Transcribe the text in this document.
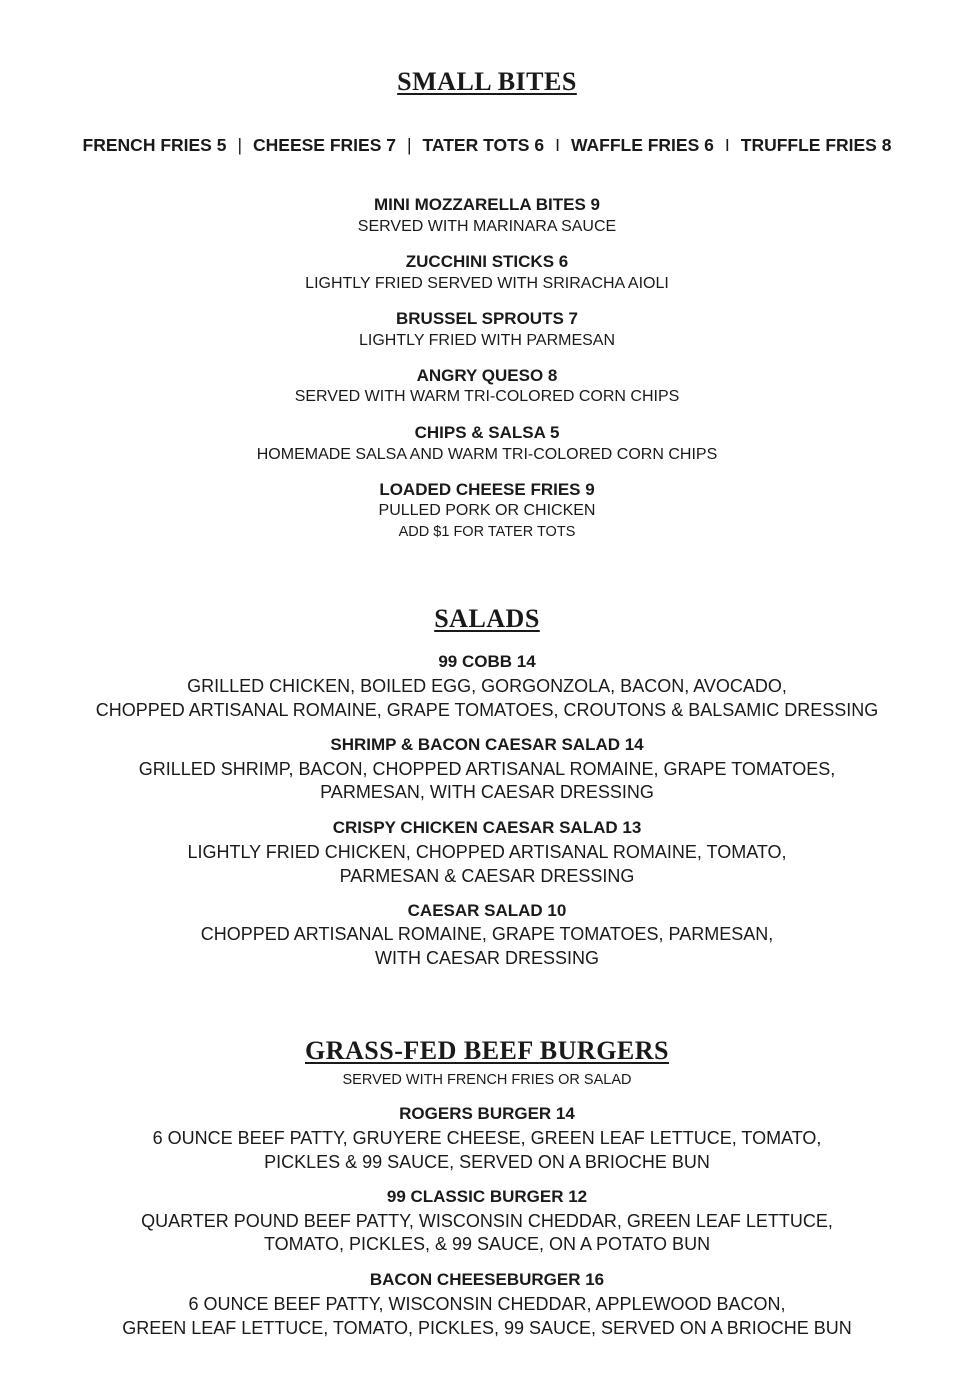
SMALL BITES
FRENCH FRIES 5 | CHEESE FRIES 7 | TATER TOTS 6 I WAFFLE FRIES 6 I TRUFFLE FRIES 8
MINI MOZZARELLA BITES 9
SERVED WITH MARINARA SAUCE
ZUCCHINI STICKS 6
LIGHTLY FRIED SERVED WITH SRIRACHA AIOLI
BRUSSEL SPROUTS 7
LIGHTLY FRIED WITH PARMESAN
ANGRY QUESO 8
SERVED WITH WARM TRI-COLORED CORN CHIPS
CHIPS & SALSA 5
HOMEMADE SALSA AND WARM TRI-COLORED CORN CHIPS
LOADED CHEESE FRIES 9
PULLED PORK OR CHICKEN
ADD $1 FOR TATER TOTS
SALADS
99 COBB 14
GRILLED CHICKEN, BOILED EGG, GORGONZOLA, BACON, AVOCADO,
CHOPPED ARTISANAL ROMAINE, GRAPE TOMATOES, CROUTONS & BALSAMIC DRESSING
SHRIMP & BACON CAESAR SALAD 14
GRILLED SHRIMP, BACON, CHOPPED ARTISANAL ROMAINE, GRAPE TOMATOES,
PARMESAN, WITH CAESAR DRESSING
CRISPY CHICKEN CAESAR SALAD 13
LIGHTLY FRIED CHICKEN, CHOPPED ARTISANAL ROMAINE, TOMATO,
PARMESAN & CAESAR DRESSING
CAESAR SALAD 10
CHOPPED ARTISANAL ROMAINE, GRAPE TOMATOES, PARMESAN,
WITH CAESAR DRESSING
GRASS-FED BEEF BURGERS
SERVED WITH FRENCH FRIES OR SALAD
ROGERS BURGER 14
6 OUNCE BEEF PATTY, GRUYERE CHEESE, GREEN LEAF LETTUCE, TOMATO,
PICKLES & 99 SAUCE, SERVED ON A BRIOCHE BUN
99 CLASSIC BURGER 12
QUARTER POUND BEEF PATTY, WISCONSIN CHEDDAR, GREEN LEAF LETTUCE,
TOMATO, PICKLES, & 99 SAUCE, ON A POTATO BUN
BACON CHEESEBURGER 16
6 OUNCE BEEF PATTY, WISCONSIN CHEDDAR, APPLEWOOD BACON,
GREEN LEAF LETTUCE, TOMATO, PICKLES, 99 SAUCE, SERVED ON A BRIOCHE BUN
